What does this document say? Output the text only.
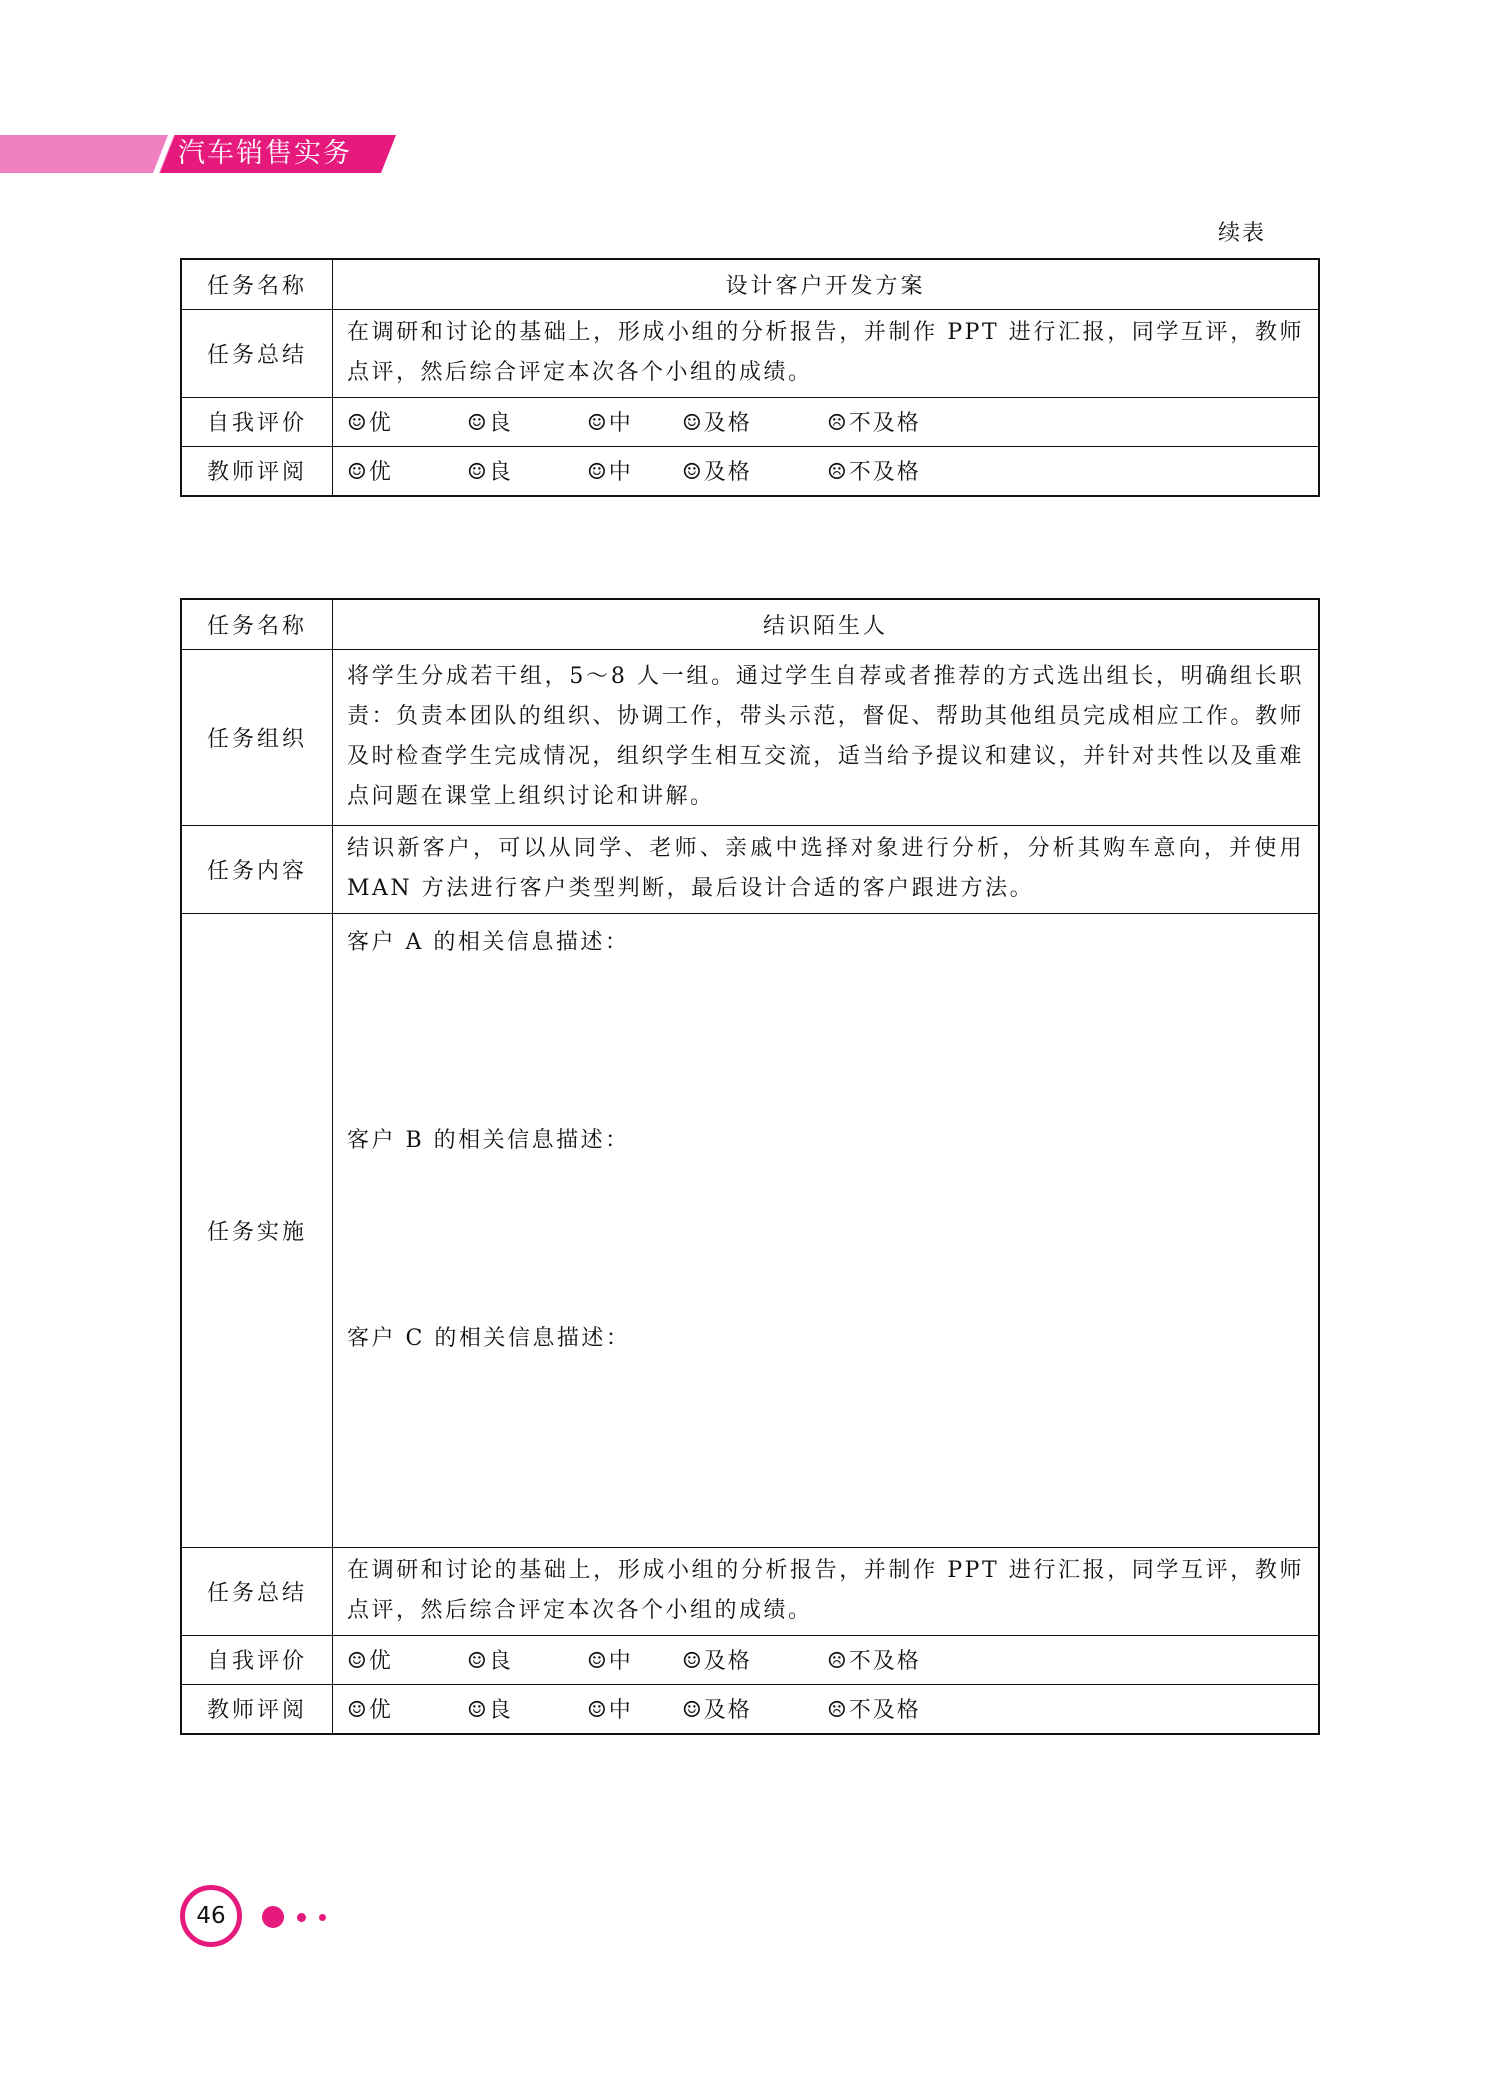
汽车销售实务
续表
任务名称	设计客户开发方案
任务总结	在调研和讨论的基础上，形成小组的分析报告，并制作 PPT 进行汇报，同学互评，教师点评，然后综合评定本次各个小组的成绩。
自我评价	☺优 ☺良 ☺中 ☺及格 ☹不及格

教师评阅	☺优 ☺良 ☺中 ☺及格 ☹不及格
任务名称	结识陌生人
任务组织	将学生分成若干组，5～8 人一组。通过学生自荐或者推荐的方式选出组长，明确组长职责：负责本团队的组织、协调工作，带头示范，督促、帮助其他组员完成相应工作。教师及时检查学生完成情况，组织学生相互交流，适当给予提议和建议，并针对共性以及重难点问题在课堂上组织讨论和讲解。
任务内容	结识新客户，可以从同学、老师、亲戚中选择对象进行分析，分析其购车意向，并使用 MAN 方法进行客户类型判断，最后设计合适的客户跟进方法。
任务实施	客户 A 的相关信息描述：
客户 B 的相关信息描述：
客户 C 的相关信息描述：

任务总结	在调研和讨论的基础上，形成小组的分析报告，并制作 PPT 进行汇报，同学互评，教师点评，然后综合评定本次各个小组的成绩。
自我评价	☺优 ☺良 ☺中 ☺及格 ☹不及格

教师评阅	☺优 ☺良 ☺中 ☺及格 ☹不及格
46
